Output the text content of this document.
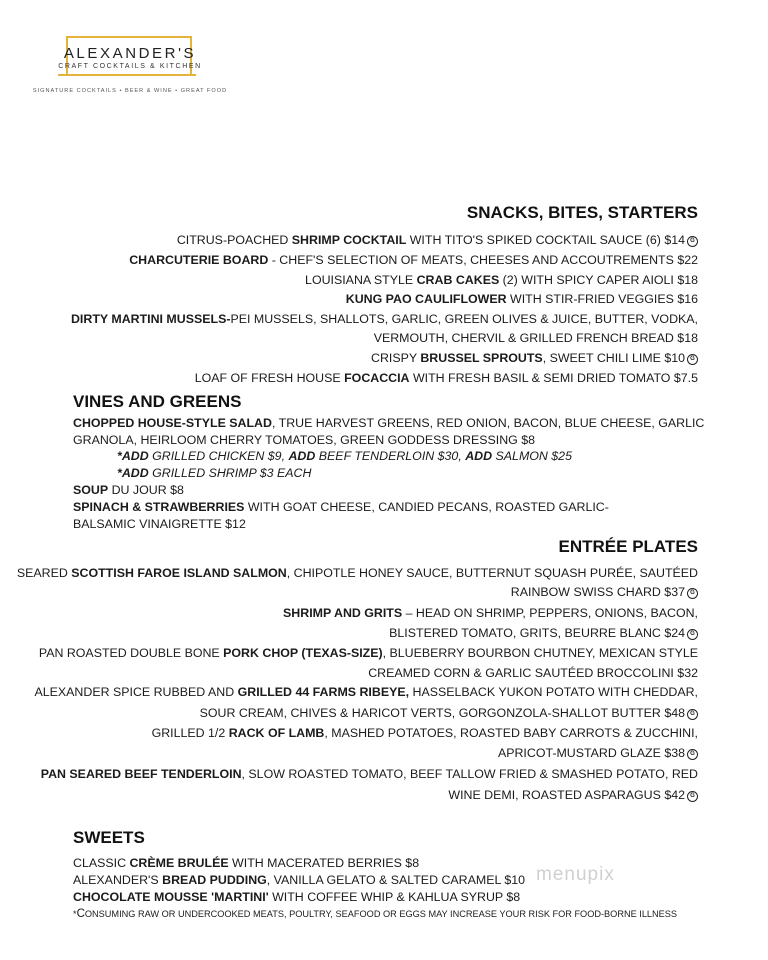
ALEXANDER'S
CRAFT COCKTAILS & KITCHEN
SIGNATURE COCKTAILS • BEER & WINE • GREAT FOOD
SNACKS, BITES, STARTERS
CITRUS-POACHED SHRIMP COCKTAIL WITH TITO'S SPIKED COCKTAIL SAUCE (6) $14 G
CHARCUTERIE BOARD - CHEF'S SELECTION OF MEATS, CHEESES AND ACCOUTREMENTS $22
LOUISIANA STYLE CRAB CAKES (2) WITH SPICY CAPER AIOLI $18
KUNG PAO CAULIFLOWER WITH STIR-FRIED VEGGIES $16
DIRTY MARTINI MUSSELS-PEI MUSSELS, SHALLOTS, GARLIC, GREEN OLIVES & JUICE, BUTTER, VODKA,
VERMOUTH, CHERVIL & GRILLED FRENCH BREAD $18
CRISPY BRUSSEL SPROUTS, SWEET CHILI LIME $10 G
LOAF OF FRESH HOUSE FOCACCIA WITH FRESH BASIL & SEMI DRIED TOMATO $7.5
VINES AND GREENS
CHOPPED HOUSE-STYLE SALAD, TRUE HARVEST GREENS, RED ONION, BACON, BLUE CHEESE, GARLIC
GRANOLA, HEIRLOOM CHERRY TOMATOES, GREEN GODDESS DRESSING $8
*ADD GRILLED CHICKEN $9, ADD BEEF TENDERLOIN $30, ADD SALMON $25
*ADD GRILLED SHRIMP $3 EACH
SOUP DU JOUR $8
SPINACH & STRAWBERRIES WITH GOAT CHEESE, CANDIED PECANS, ROASTED GARLIC-
BALSAMIC VINAIGRETTE $12
ENTRÉE PLATES
SEARED SCOTTISH FAROE ISLAND SALMON, CHIPOTLE HONEY SAUCE, BUTTERNUT SQUASH PURÉE, SAUTÉED
RAINBOW SWISS CHARD $37 G
SHRIMP AND GRITS – HEAD ON SHRIMP, PEPPERS, ONIONS, BACON,
BLISTERED TOMATO, GRITS, BEURRE BLANC $24 G
PAN ROASTED DOUBLE BONE PORK CHOP (TEXAS-SIZE), BLUEBERRY BOURBON CHUTNEY, MEXICAN STYLE
CREAMED CORN & GARLIC SAUTÉED BROCCOLINI $32
ALEXANDER SPICE RUBBED AND GRILLED 44 FARMS RIBEYE, HASSELBACK YUKON POTATO WITH CHEDDAR,
SOUR CREAM, CHIVES & HARICOT VERTS, GORGONZOLA-SHALLOT BUTTER $48 G
GRILLED 1/2 RACK OF LAMB, MASHED POTATOES, ROASTED BABY CARROTS & ZUCCHINI,
APRICOT-MUSTARD GLAZE $38 G
PAN SEARED BEEF TENDERLOIN, SLOW ROASTED TOMATO, BEEF TALLOW FRIED & SMASHED POTATO, RED
WINE DEMI, ROASTED ASPARAGUS $42 G
SWEETS
CLASSIC CRÈME BRULÉE WITH MACERATED BERRIES $8
ALEXANDER'S BREAD PUDDING, VANILLA GELATO & SALTED CARAMEL $10
CHOCOLATE MOUSSE 'MARTINI' WITH COFFEE WHIP & KAHLUA SYRUP $8
*CONSUMING RAW OR UNDERCOOKED MEATS, POULTRY, SEAFOOD OR EGGS MAY INCREASE YOUR RISK FOR FOOD-BORNE ILLNESS
menupix
